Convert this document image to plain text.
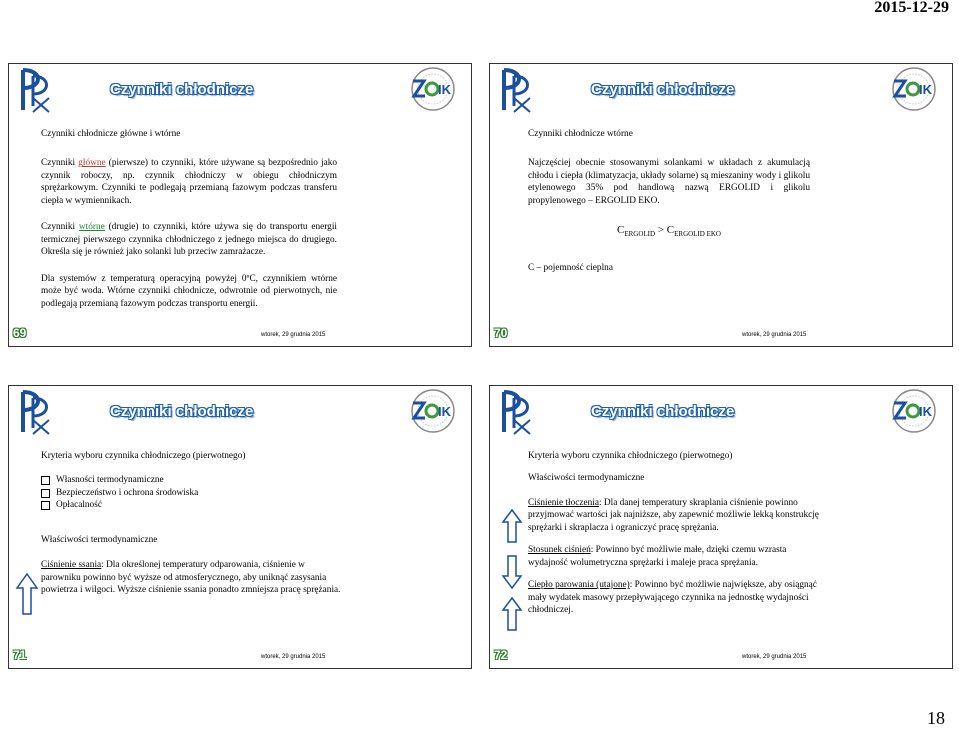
2015-12-29
Czynniki chłodnicze	IK

Czynniki chłodnicze główne i wtórne

Czynniki główne (pierwsze) to czynniki, które używane są bezpośrednio jako czynnik roboczy, np. czynnik chłodniczy w obiegu chłodniczym sprężarkowym. Czynniki te podlegają przemianą fazowym podczas transferu ciepła w wymiennikach.

Czynniki wtórne (drugie) to czynniki, które używa się do transportu energii termicznej pierwszego czynnika chłodniczego z jednego miejsca do drugiego. Określa się je również jako solanki lub przeciw zamrażacze.

Dla systemów z temperaturą operacyjną powyżej 0ºC, czynnikiem wtórne może być woda. Wtórne czynniki chłodnicze, odwrotnie od pierwotnych, nie podlegają przemianą fazowym podczas transportu energii.

69	wtorek, 29 grudnia 2015
Czynniki chłodnicze	IK

Czynniki chłodnicze wtórne

Najczęściej obecnie stosowanymi solankami w układach z akumulacją chłodu i ciepła (klimatyzacja, układy solarne) są mieszaniny wody i glikolu etylenowego 35% pod handlową nazwą ERGOLID i glikolu propylenowego – ERGOLID EKO.

$C_{ERGOLID} > C_{ERGOLID EKO}$

C – pojemność cieplna

70	wtorek, 29 grudnia 2015
Czynniki chłodnicze	IK

Kryteria wyboru czynnika chłodniczego (pierwotnego)

Własności termodynamiczne

Bezpieczeństwo i ochrona środowiska

Opłacalność

Właściwości termodynamiczne

Ciśnienie ssania: Dla określonej temperatury odparowania, ciśnienie w parowniku powinno być wyższe od atmosferycznego, aby uniknąć zasysania powietrza i wilgoci. Wyższe ciśnienie ssania ponadto zmniejsza pracę sprężania.

71	wtorek, 29 grudnia 2015
Czynniki chłodnicze	IK

Kryteria wyboru czynnika chłodniczego (pierwotnego)

Właściwości termodynamiczne

Ciśnienie tłoczenia: Dla danej temperatury skraplania ciśnienie powinno przyjmować wartości jak najniższe, aby zapewnić możliwie lekką konstrukcję sprężarki i skraplacza i ograniczyć pracę sprężania.

Stosunek ciśnień: Powinno być możliwie małe, dzięki czemu wzrasta wydajność wolumetryczna sprężarki i maleje praca sprężania.

Ciepło parowania (utajone): Powinno być możliwie największe, aby osiągnąć mały wydatek masowy przepływającego czynnika na jednostkę wydajności chłodniczej.

72	wtorek, 29 grudnia 2015
18
